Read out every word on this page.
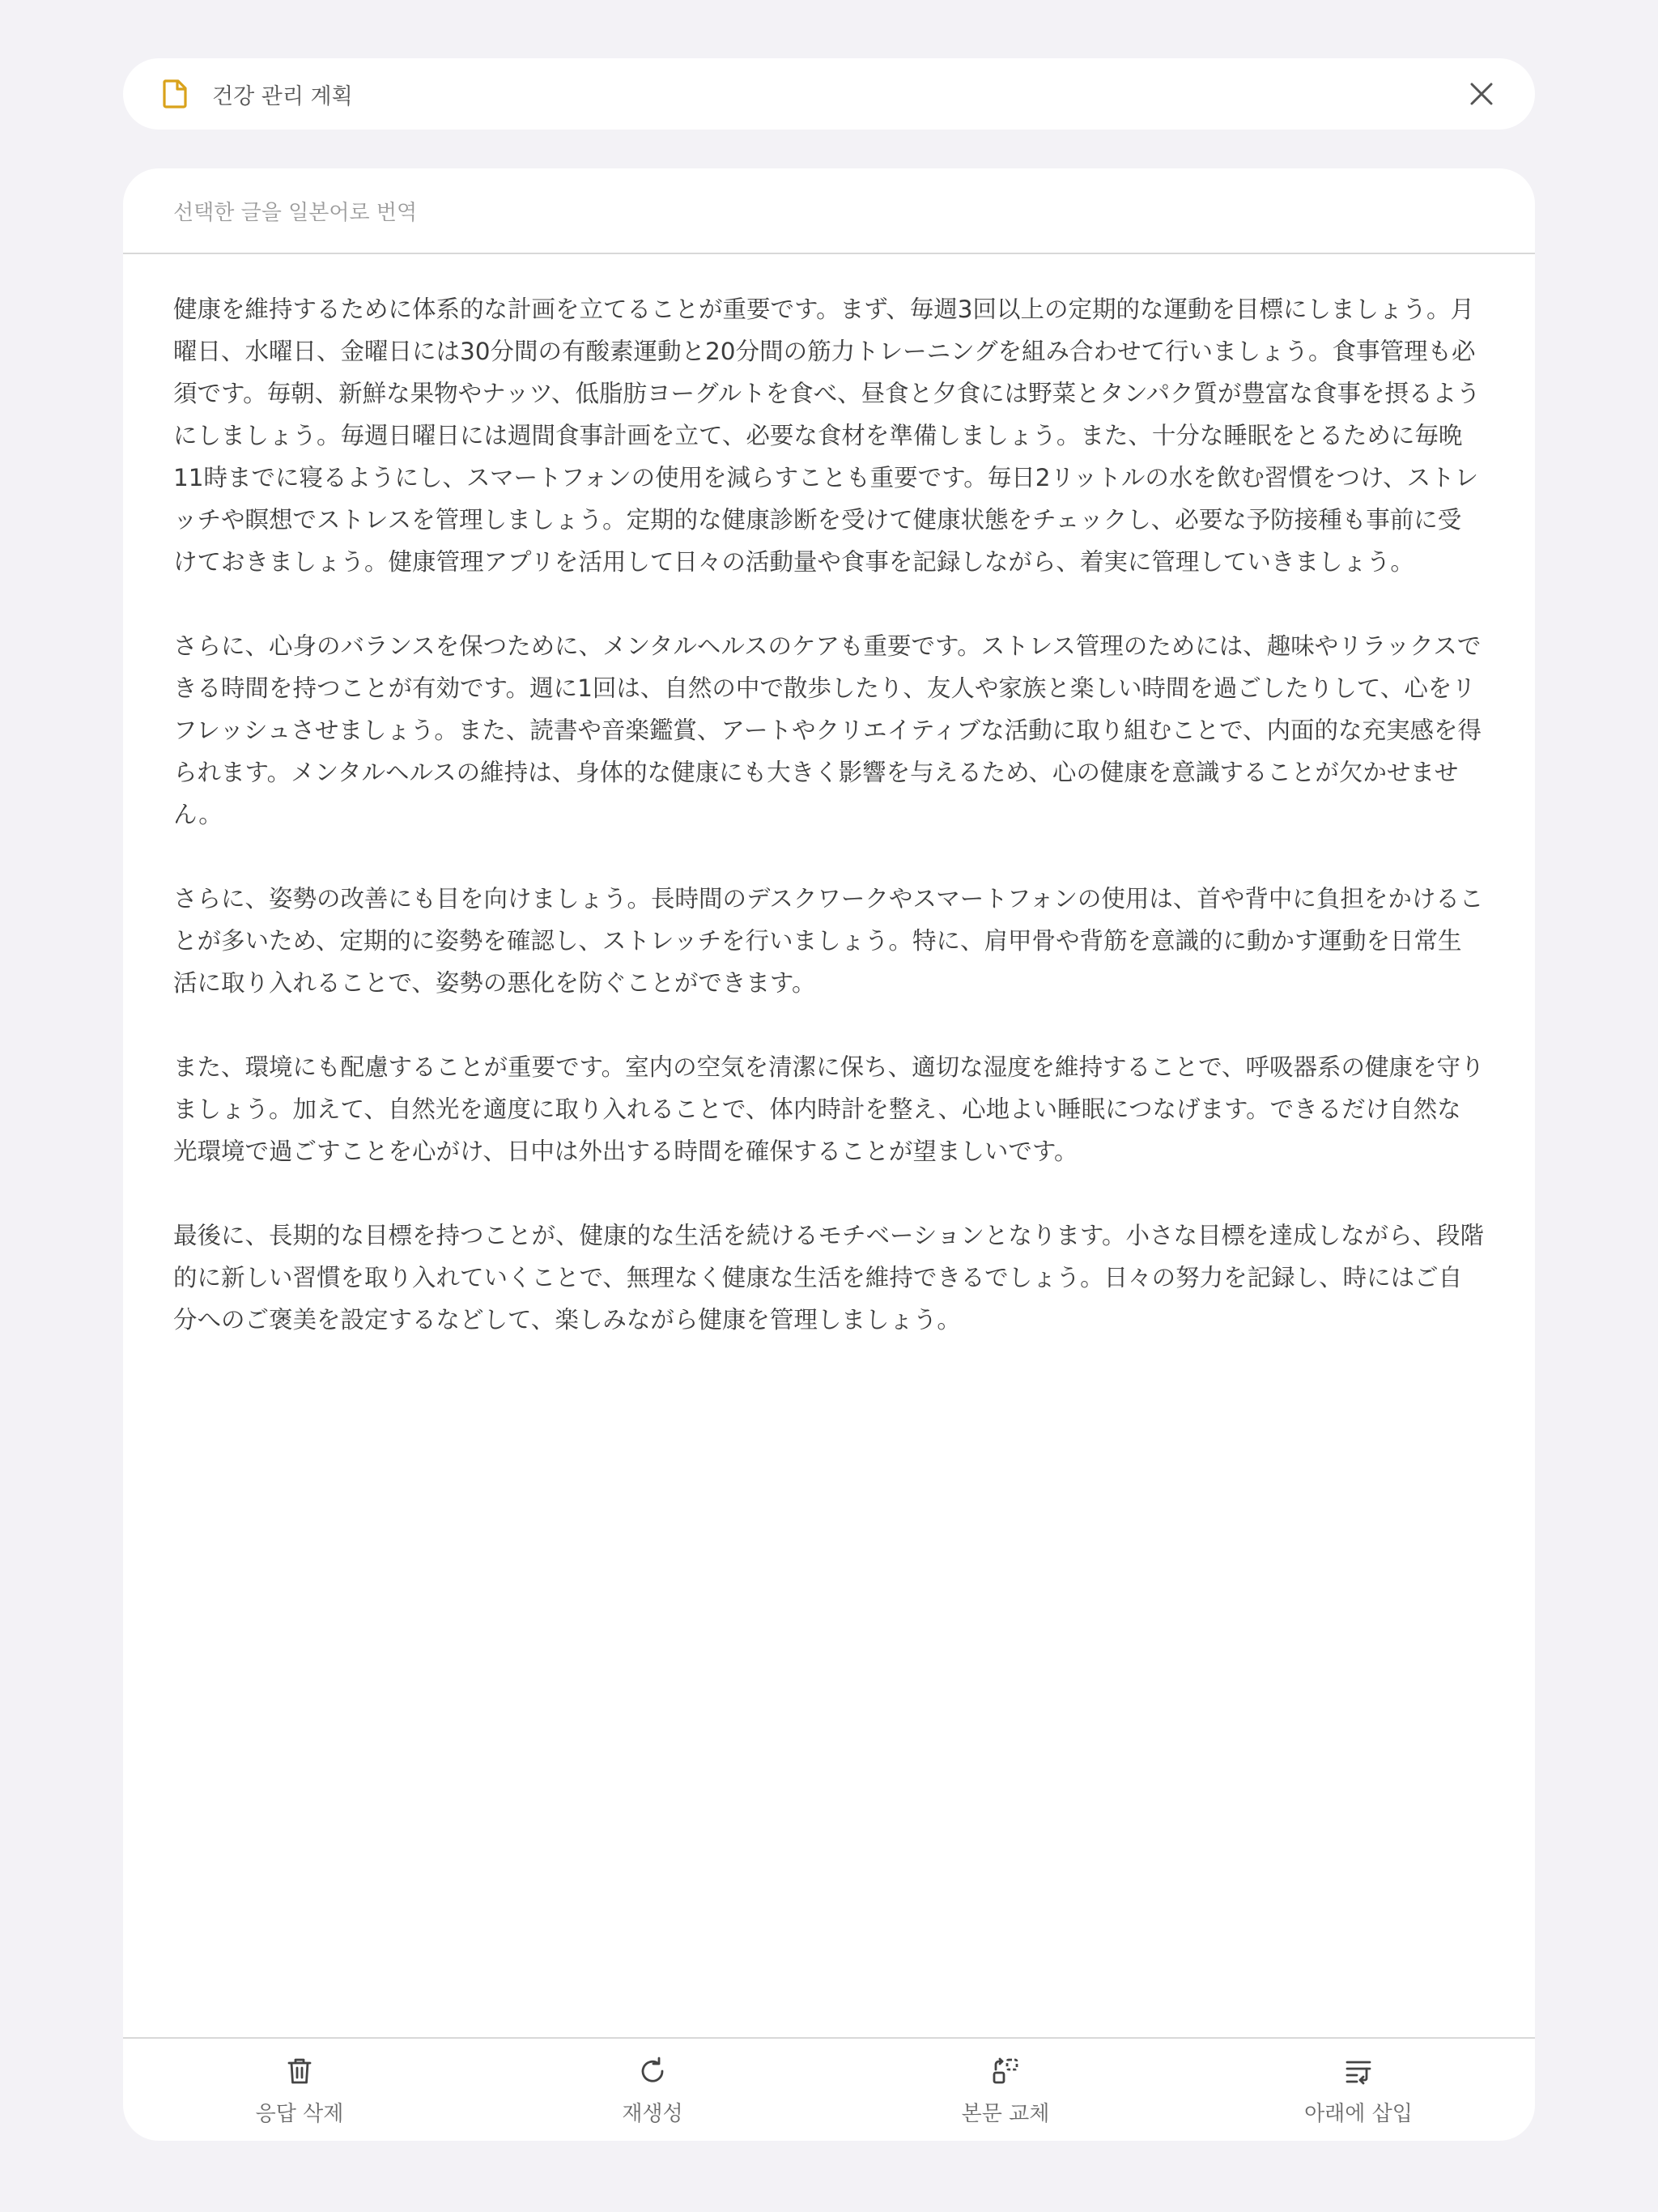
건강 관리 계획
선택한 글을 일본어로 번역

健康を維持するために体系的な計画を立てることが重要です。まず、毎週3回以上の定期的な運動を目標にしましょう。月曜日、水曜日、金曜日には30分間の有酸素運動と20分間の筋力トレーニングを組み合わせて行いましょう。食事管理も必須です。毎朝、新鮮な果物やナッツ、低脂肪ヨーグルトを食べ、昼食と夕食には野菜とタンパク質が豊富な食事を摂るようにしましょう。毎週日曜日には週間食事計画を立て、必要な食材を準備しましょう。また、十分な睡眠をとるために毎晩11時までに寝るようにし、スマートフォンの使用を減らすことも重要です。毎日2リットルの水を飲む習慣をつけ、ストレッチや瞑想でストレスを管理しましょう。定期的な健康診断を受けて健康状態をチェックし、必要な予防接種も事前に受けておきましょう。健康管理アプリを活用して日々の活動量や食事を記録しながら、着実に管理していきましょう。

さらに、心身のバランスを保つために、メンタルヘルスのケアも重要です。ストレス管理のためには、趣味やリラックスできる時間を持つことが有効です。週に1回は、自然の中で散歩したり、友人や家族と楽しい時間を過ごしたりして、心をリフレッシュさせましょう。また、読書や音楽鑑賞、アートやクリエイティブな活動に取り組むことで、内面的な充実感を得られます。メンタルヘルスの維持は、身体的な健康にも大きく影響を与えるため、心の健康を意識することが欠かせません。

さらに、姿勢の改善にも目を向けましょう。長時間のデスクワークやスマートフォンの使用は、首や背中に負担をかけることが多いため、定期的に姿勢を確認し、ストレッチを行いましょう。特に、肩甲骨や背筋を意識的に動かす運動を日常生活に取り入れることで、姿勢の悪化を防ぐことができます。

また、環境にも配慮することが重要です。室内の空気を清潔に保ち、適切な湿度を維持することで、呼吸器系の健康を守りましょう。加えて、自然光を適度に取り入れることで、体内時計を整え、心地よい睡眠につなげます。できるだけ自然な光環境で過ごすことを心がけ、日中は外出する時間を確保することが望ましいです。

最後に、長期的な目標を持つことが、健康的な生活を続けるモチベーションとなります。小さな目標を達成しながら、段階的に新しい習慣を取り入れていくことで、無理なく健康な生活を維持できるでしょう。日々の努力を記録し、時にはご自分へのご褒美を設定するなどして、楽しみながら健康を管理しましょう。

응답 삭제	재생성	본문 교체	아래에 삽입
